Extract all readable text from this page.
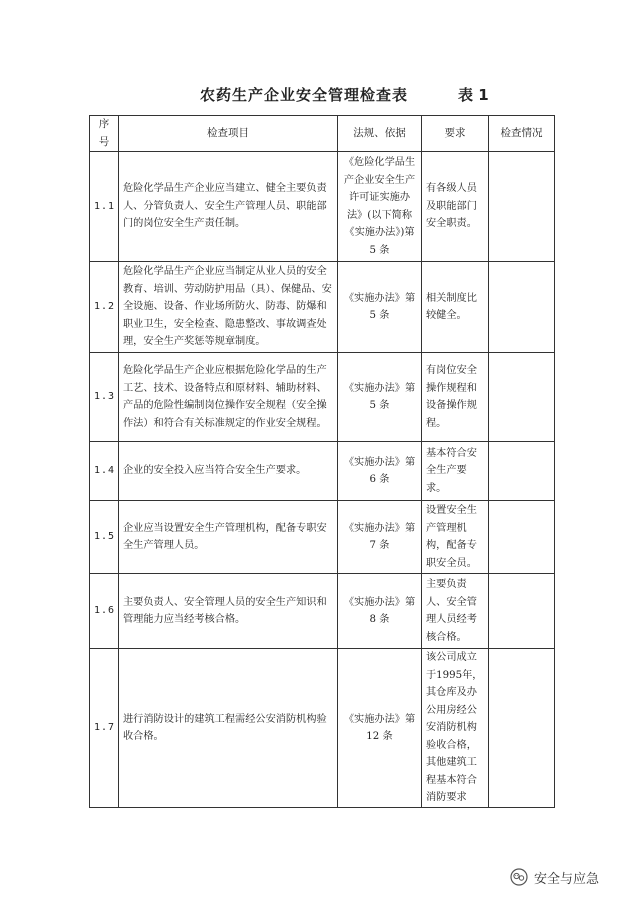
农药生产企业安全管理检查表	表 1
序号	检查项目	法规、依据	要求	检查情况
1.1	危险化学品生产企业应当建立、健全主要负责人、分管负责人、安全生产管理人员、职能部门的岗位安全生产责任制。	《危险化学品生产企业安全生产许可证实施办法》(以下简称《实施办法》)第 5 条	有各级人员及职能部门安全职责。	
1.2	危险化学品生产企业应当制定从业人员的安全教育、培训、劳动防护用品（具）、保健品、安全设施、设备、作业场所防火、防毒、防爆和职业卫生，安全检查、隐患整改、事故调查处理，安全生产奖惩等规章制度。	《实施办法》第 5 条	相关制度比较健全。	
1.3	危险化学品生产企业应根据危险化学品的生产工艺、技术、设备特点和原材料、辅助材料、产品的危险性编制岗位操作安全规程（安全操作法）和符合有关标准规定的作业安全规程。	《实施办法》第 5 条	有岗位安全操作规程和设备操作规程。	
1.4	企业的安全投入应当符合安全生产要求。	《实施办法》第 6 条	基本符合安全生产要求。	
1.5	企业应当设置安全生产管理机构，配备专职安全生产管理人员。	《实施办法》第 7 条	设置安全生产管理机构，配备专职安全员。	
1.6	主要负责人、安全管理人员的安全生产知识和管理能力应当经考核合格。	《实施办法》第 8 条	主要负责人、安全管理人员经考核合格。	
1.7	进行消防设计的建筑工程需经公安消防机构验收合格。	《实施办法》第 12 条	该公司成立于1995年，其仓库及办公用房经公安消防机构验收合格，其他建筑工程基本符合消防要求	
安全与应急
